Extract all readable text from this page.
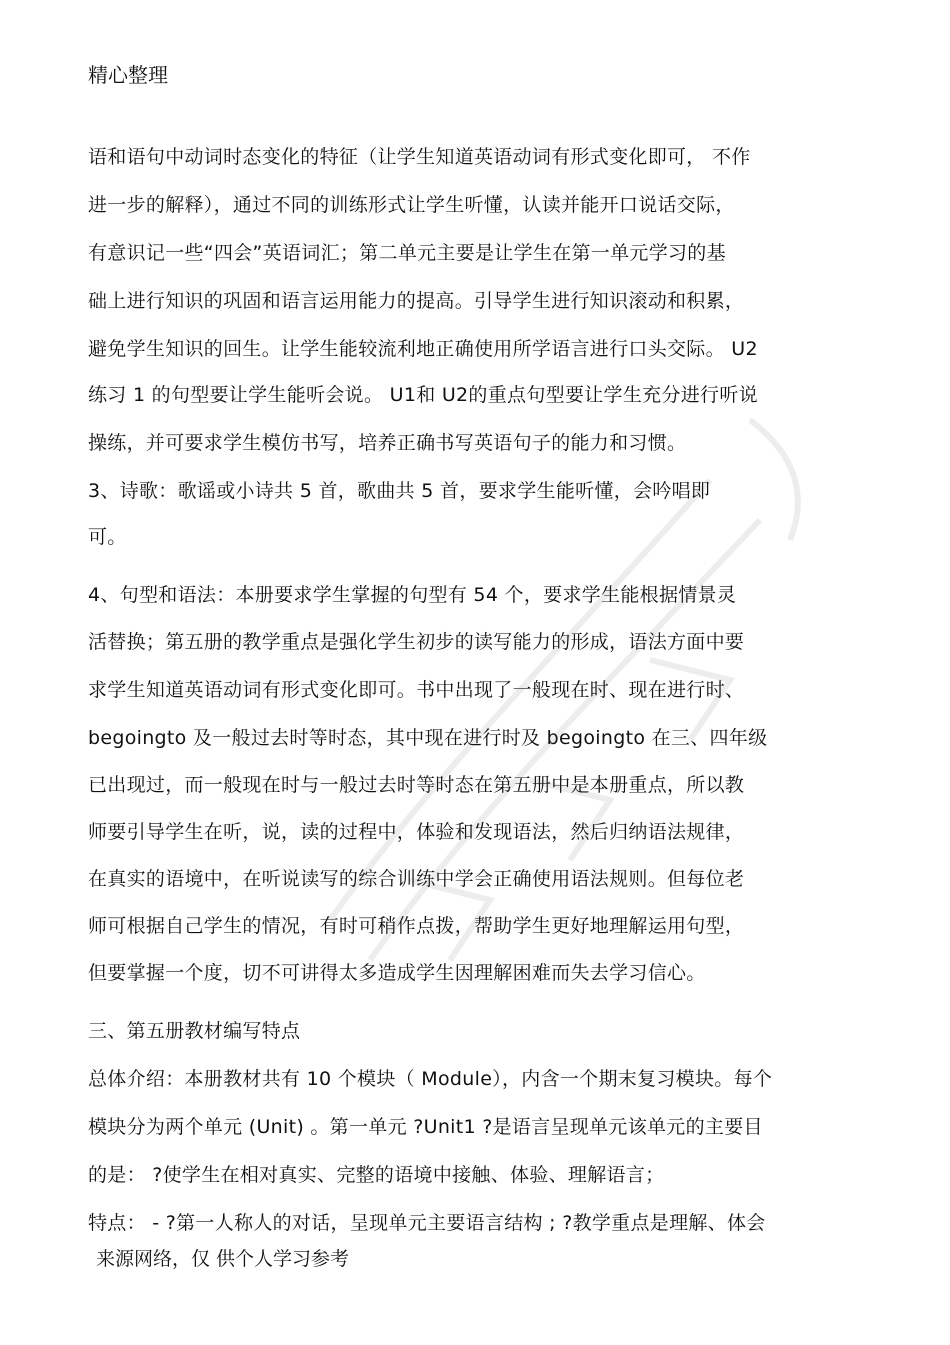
精心整理
语和语句中动词时态变化的特征（让学生知道英语动词有形式变化即可， 不作
进一步的解释），通过不同的训练形式让学生听懂，认读并能开口说话交际，
有意识记一些“四会”英语词汇；第二单元主要是让学生在第一单元学习的基
础上进行知识的巩固和语言运用能力的提高。引导学生进行知识滚动和积累，
避免学生知识的回生。让学生能较流利地正确使用所学语言进行口头交际。 U2
练习 1 的句型要让学生能听会说。 U1和 U2的重点句型要让学生充分进行听说
操练，并可要求学生模仿书写，培养正确书写英语句子的能力和习惯。
3、诗歌：歌谣或小诗共 5 首，歌曲共 5 首，要求学生能听懂，会吟唱即
可。
4、句型和语法：本册要求学生掌握的句型有 54 个，要求学生能根据情景灵
活替换；第五册的教学重点是强化学生初步的读写能力的形成，语法方面中要
求学生知道英语动词有形式变化即可。书中出现了一般现在时、现在进行时、
begoingto 及一般过去时等时态，其中现在进行时及 begoingto 在三、四年级
已出现过，而一般现在时与一般过去时等时态在第五册中是本册重点，所以教
师要引导学生在听，说，读的过程中，体验和发现语法，然后归纳语法规律，
在真实的语境中，在听说读写的综合训练中学会正确使用语法规则。但每位老
师可根据自己学生的情况，有时可稍作点拨，帮助学生更好地理解运用句型，
但要掌握一个度，切不可讲得太多造成学生因理解困难而失去学习信心。
三、第五册教材编写特点
总体介绍：本册教材共有 10 个模块（ Module），内含一个期末复习模块。每个
模块分为两个单元 (Unit) 。第一单元 ?Unit1 ?是语言呈现单元该单元的主要目
的是： ?使学生在相对真实、完整的语境中接触、体验、理解语言；
特点： - ?第一人称人的对话，呈现单元主要语言结构 ; ?教学重点是理解、体会
来源网络，仅 供个人学习参考
